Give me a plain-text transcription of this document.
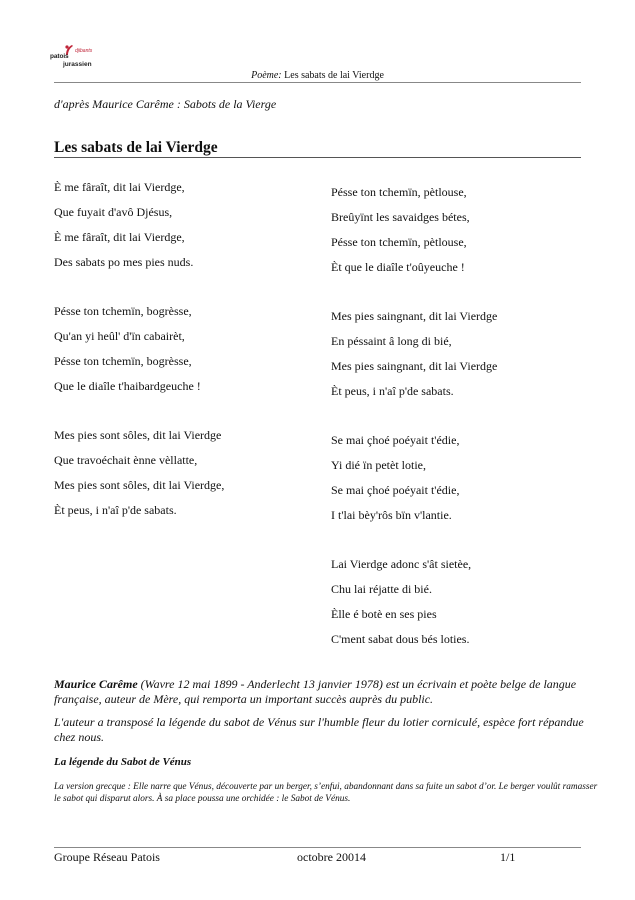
djibants
patois
jurassien
Poème: Les sabats de lai Vierdge
d'après Maurice Carême : Sabots de la Vierge
Les sabats de lai Vierdge
È me fâraît, dit lai Vierdge,
Que fuyait d'avô Djésus,
È me fâraît, dit lai Vierdge,
Des sabats po mes pies nuds.
Pésse ton tchemïn, bogrèsse,
Qu'an yi heûl' d'ïn cabairèt,
Pésse ton tchemïn, bogrèsse,
Que le diaîle t'haibardgeuche !
Mes pies sont sôles, dit lai Vierdge
Que travoéchait ènne vèllatte,
Mes pies sont sôles, dit lai Vierdge,
Èt peus, i n'aî p'de sabats.
Pésse ton tchemïn, pètlouse,
Breûyïnt les savaidges bétes,
Pésse ton tchemïn, pètlouse,
Èt que le diaîle t'oûyeuche !
Mes pies saingnant, dit lai Vierdge
En péssaint â long di bié,
Mes pies saingnant, dit lai Vierdge
Èt peus, i n'aî p'de sabats.
Se mai çhoé poéyait t'édie,
Yi dié ïn petèt lotie,
Se mai çhoé poéyait t'édie,
I t'lai bèy'rôs bïn v'lantie.
Lai Vierdge adonc s'ât sietèe,
Chu lai réjatte di bié.
Èlle é botè en ses pies
C'ment sabat dous bés loties.

Maurice Carême (Wavre 12 mai 1899 - Anderlecht 13 janvier 1978) est un écrivain et poète belge de langue française, auteur de Mère, qui remporta un important succès auprès du public.

L'auteur a transposé la légende du sabot de Vénus sur l'humble fleur du lotier corniculé, espèce fort répandue chez nous.

La légende du Sabot de Vénus

La version grecque : Elle narre que Vénus, découverte par un berger, s’enfui, abandonnant dans sa fuite un sabot d’or. Le berger voulût ramasser le sabot qui disparut alors. À sa place poussa une orchidée : le Sabot de Vénus.

Groupe Réseau Patois	octobre 20014	1/1
